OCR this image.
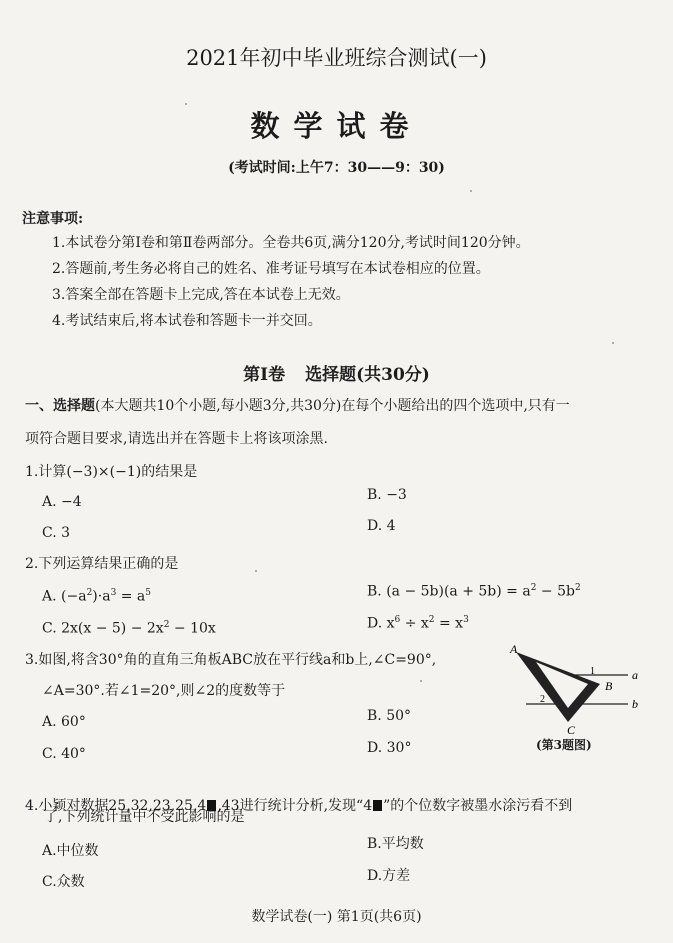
2021年初中毕业班综合测试(一)
数学试卷
(考试时间:上午7：30——9：30)
注意事项:
1.本试卷分第Ⅰ卷和第Ⅱ卷两部分。全卷共6页,满分120分,考试时间120分钟。
2.答题前,考生务必将自己的姓名、准考证号填写在本试卷相应的位置。
3.答案全部在答题卡上完成,答在本试卷上无效。
4.考试结束后,将本试卷和答题卡一并交回。
第Ⅰ卷 选择题(共30分)
一、选择题(本大题共10个小题,每小题3分,共30分)在每个小题给出的四个选项中,只有一
项符合题目要求,请选出并在答题卡上将该项涂黑.
1.计算(−3)×(−1)的结果是
A. −4	B. −3
C. 3	D. 4
2.下列运算结果正确的是
A. $(-a^2)\cdot a^3 = a^5$	B. $(a - 5b)(a + 5b) = a^2 - 5b^2$
C. $2x(x - 5) - 2x^2 - 10x$	D. $x^6 \div x^2 = x^3$
3.如图,将含30°角的直角三角板ABC放在平行线a和b上,∠C=90°,
∠A=30°.若∠1=20°,则∠2的度数等于
A. 60°	B. 50°
C. 40°	D. 30°
A
B
C
a
b
1
2
(第3题图)
4.小颖对数据25,32,23,25,4 ,43进行统计分析,发现“4 ”的个位数字被墨水涂污看不到
了,下列统计量中不受此影响的是
A.中位数	B.平均数
C.众数	D.方差
数学试卷(一) 第1页(共6页)
